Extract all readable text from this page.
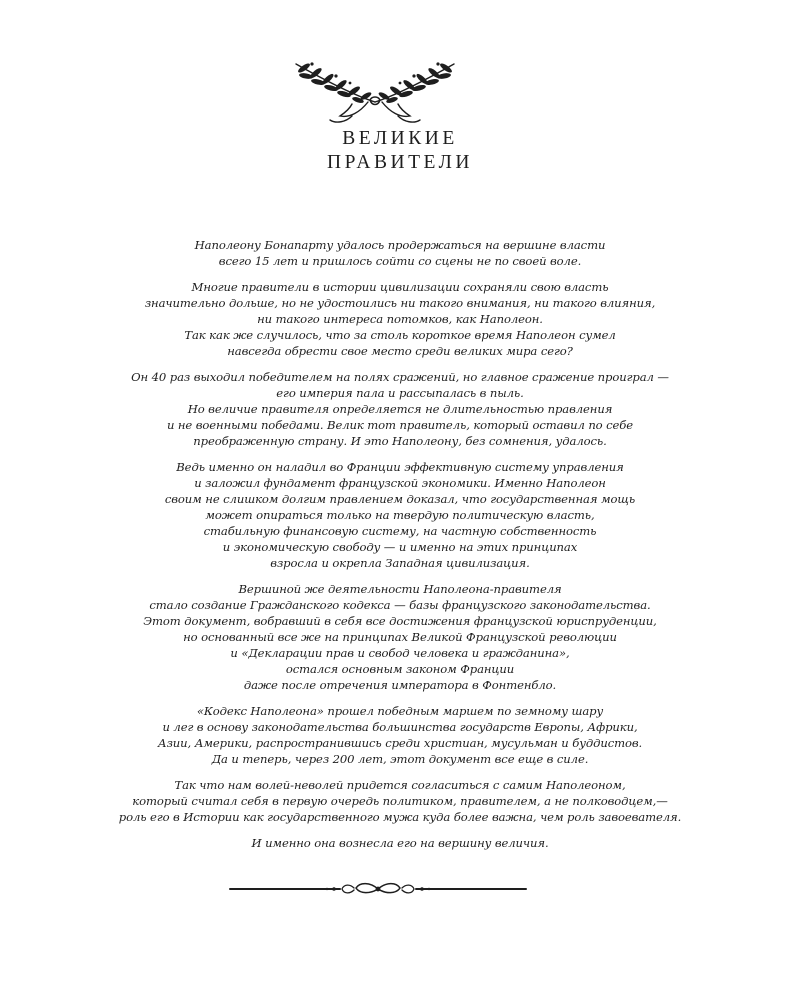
ВЕЛИКИЕ
ПРАВИТЕЛИ

Наполеону Бонапарту удалось продержаться на вершине власти
всего 15 лет и пришлось сойти со сцены не по своей воле.

Многие правители в истории цивилизации сохраняли свою власть
значительно дольше, но не удостоились ни такого внимания, ни такого влияния,
ни такого интереса потомков, как Наполеон.
Так как же случилось, что за столь короткое время Наполеон сумел
навсегда обрести свое место среди великих мира сего?

Он 40 раз выходил победителем на полях сражений, но главное сражение проиграл —
его империя пала и рассыпалась в пыль.
Но величие правителя определяется не длительностью правления
и не военными победами. Велик тот правитель, который оставил по себе
преображенную страну. И это Наполеону, без сомнения, удалось.

Ведь именно он наладил во Франции эффективную систему управления
и заложил фундамент французской экономики. Именно Наполеон
своим не слишком долгим правлением доказал, что государственная мощь
может опираться только на твердую политическую власть,
стабильную финансовую систему, на частную собственность
и экономическую свободу — и именно на этих принципах
взросла и окрепла Западная цивилизация.

Вершиной же деятельности Наполеона-правителя
стало создание Гражданского кодекса — базы французского законодательства.
Этот документ, вобравший в себя все достижения французской юриспруденции,
но основанный все же на принципах Великой Французской революции
и «Декларации прав и свобод человека и гражданина»,
остался основным законом Франции
даже после отречения императора в Фонтенбло.

«Кодекс Наполеона» прошел победным маршем по земному шару
и лег в основу законодательства большинства государств Европы, Африки,
Азии, Америки, распространившись среди христиан, мусульман и буддистов.
Да и теперь, через 200 лет, этот документ все еще в силе.

Так что нам волей-неволей придется согласиться с самим Наполеоном,
который считал себя в первую очередь политиком, правителем, а не полководцем,—
роль его в Истории как государственного мужа куда более важна, чем роль завоевателя.

И именно она вознесла его на вершину величия.
